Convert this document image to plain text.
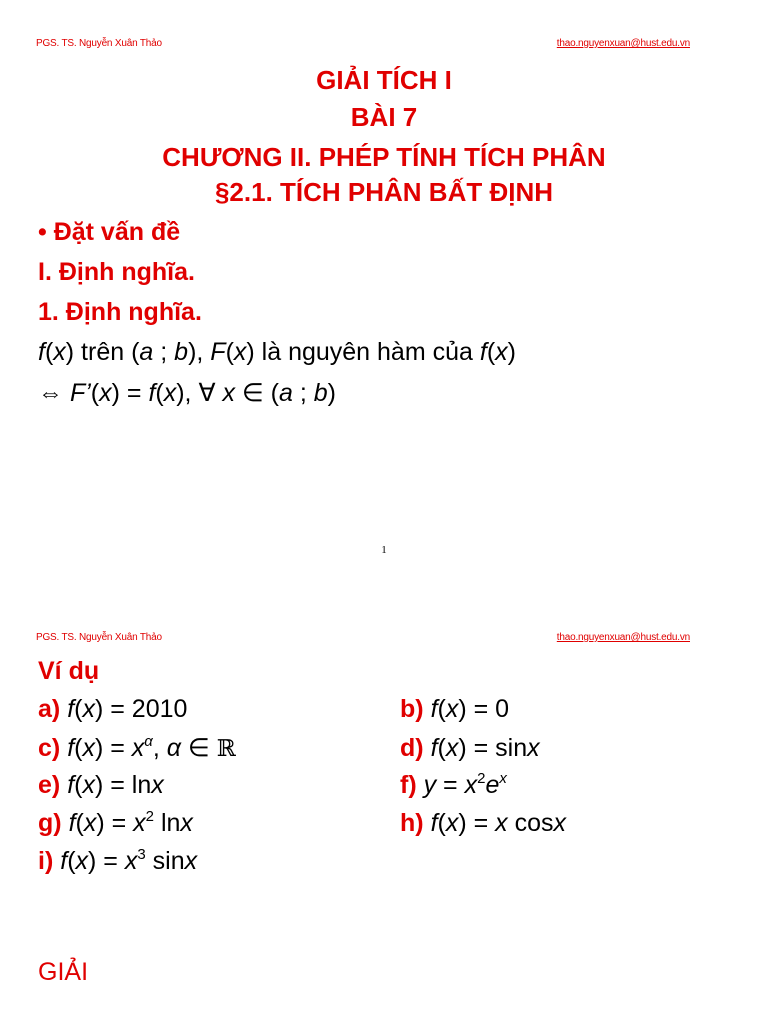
PGS. TS. Nguyễn Xuân Thảo	thao.nguyenxuan@hust.edu.vn
GIẢI TÍCH I
BÀI 7
CHƯƠNG II. PHÉP TÍNH TÍCH PHÂN
§2.1. TÍCH PHÂN BẤT ĐỊNH
• Đặt vấn đề
I. Định nghĩa.
1. Định nghĩa.
f(x) trên (a ; b), F(x) là nguyên hàm của f(x)
⇔ F’(x) = f(x), ∀ x ∈ (a ; b)
1
PGS. TS. Nguyễn Xuân Thảo	thao.nguyenxuan@hust.edu.vn
Ví dụ
a) f(x) = 2010	b) f(x) = 0
c) $f(x) = x^\alpha$, α ∈ ℝ	d) f(x) = sinx
e) f(x) = lnx	f) $y = x^2e^x$
g) $f(x) = x^2$ lnx	h) f(x) = x cosx
i) $f(x) = x^3$ sinx
GIẢI
